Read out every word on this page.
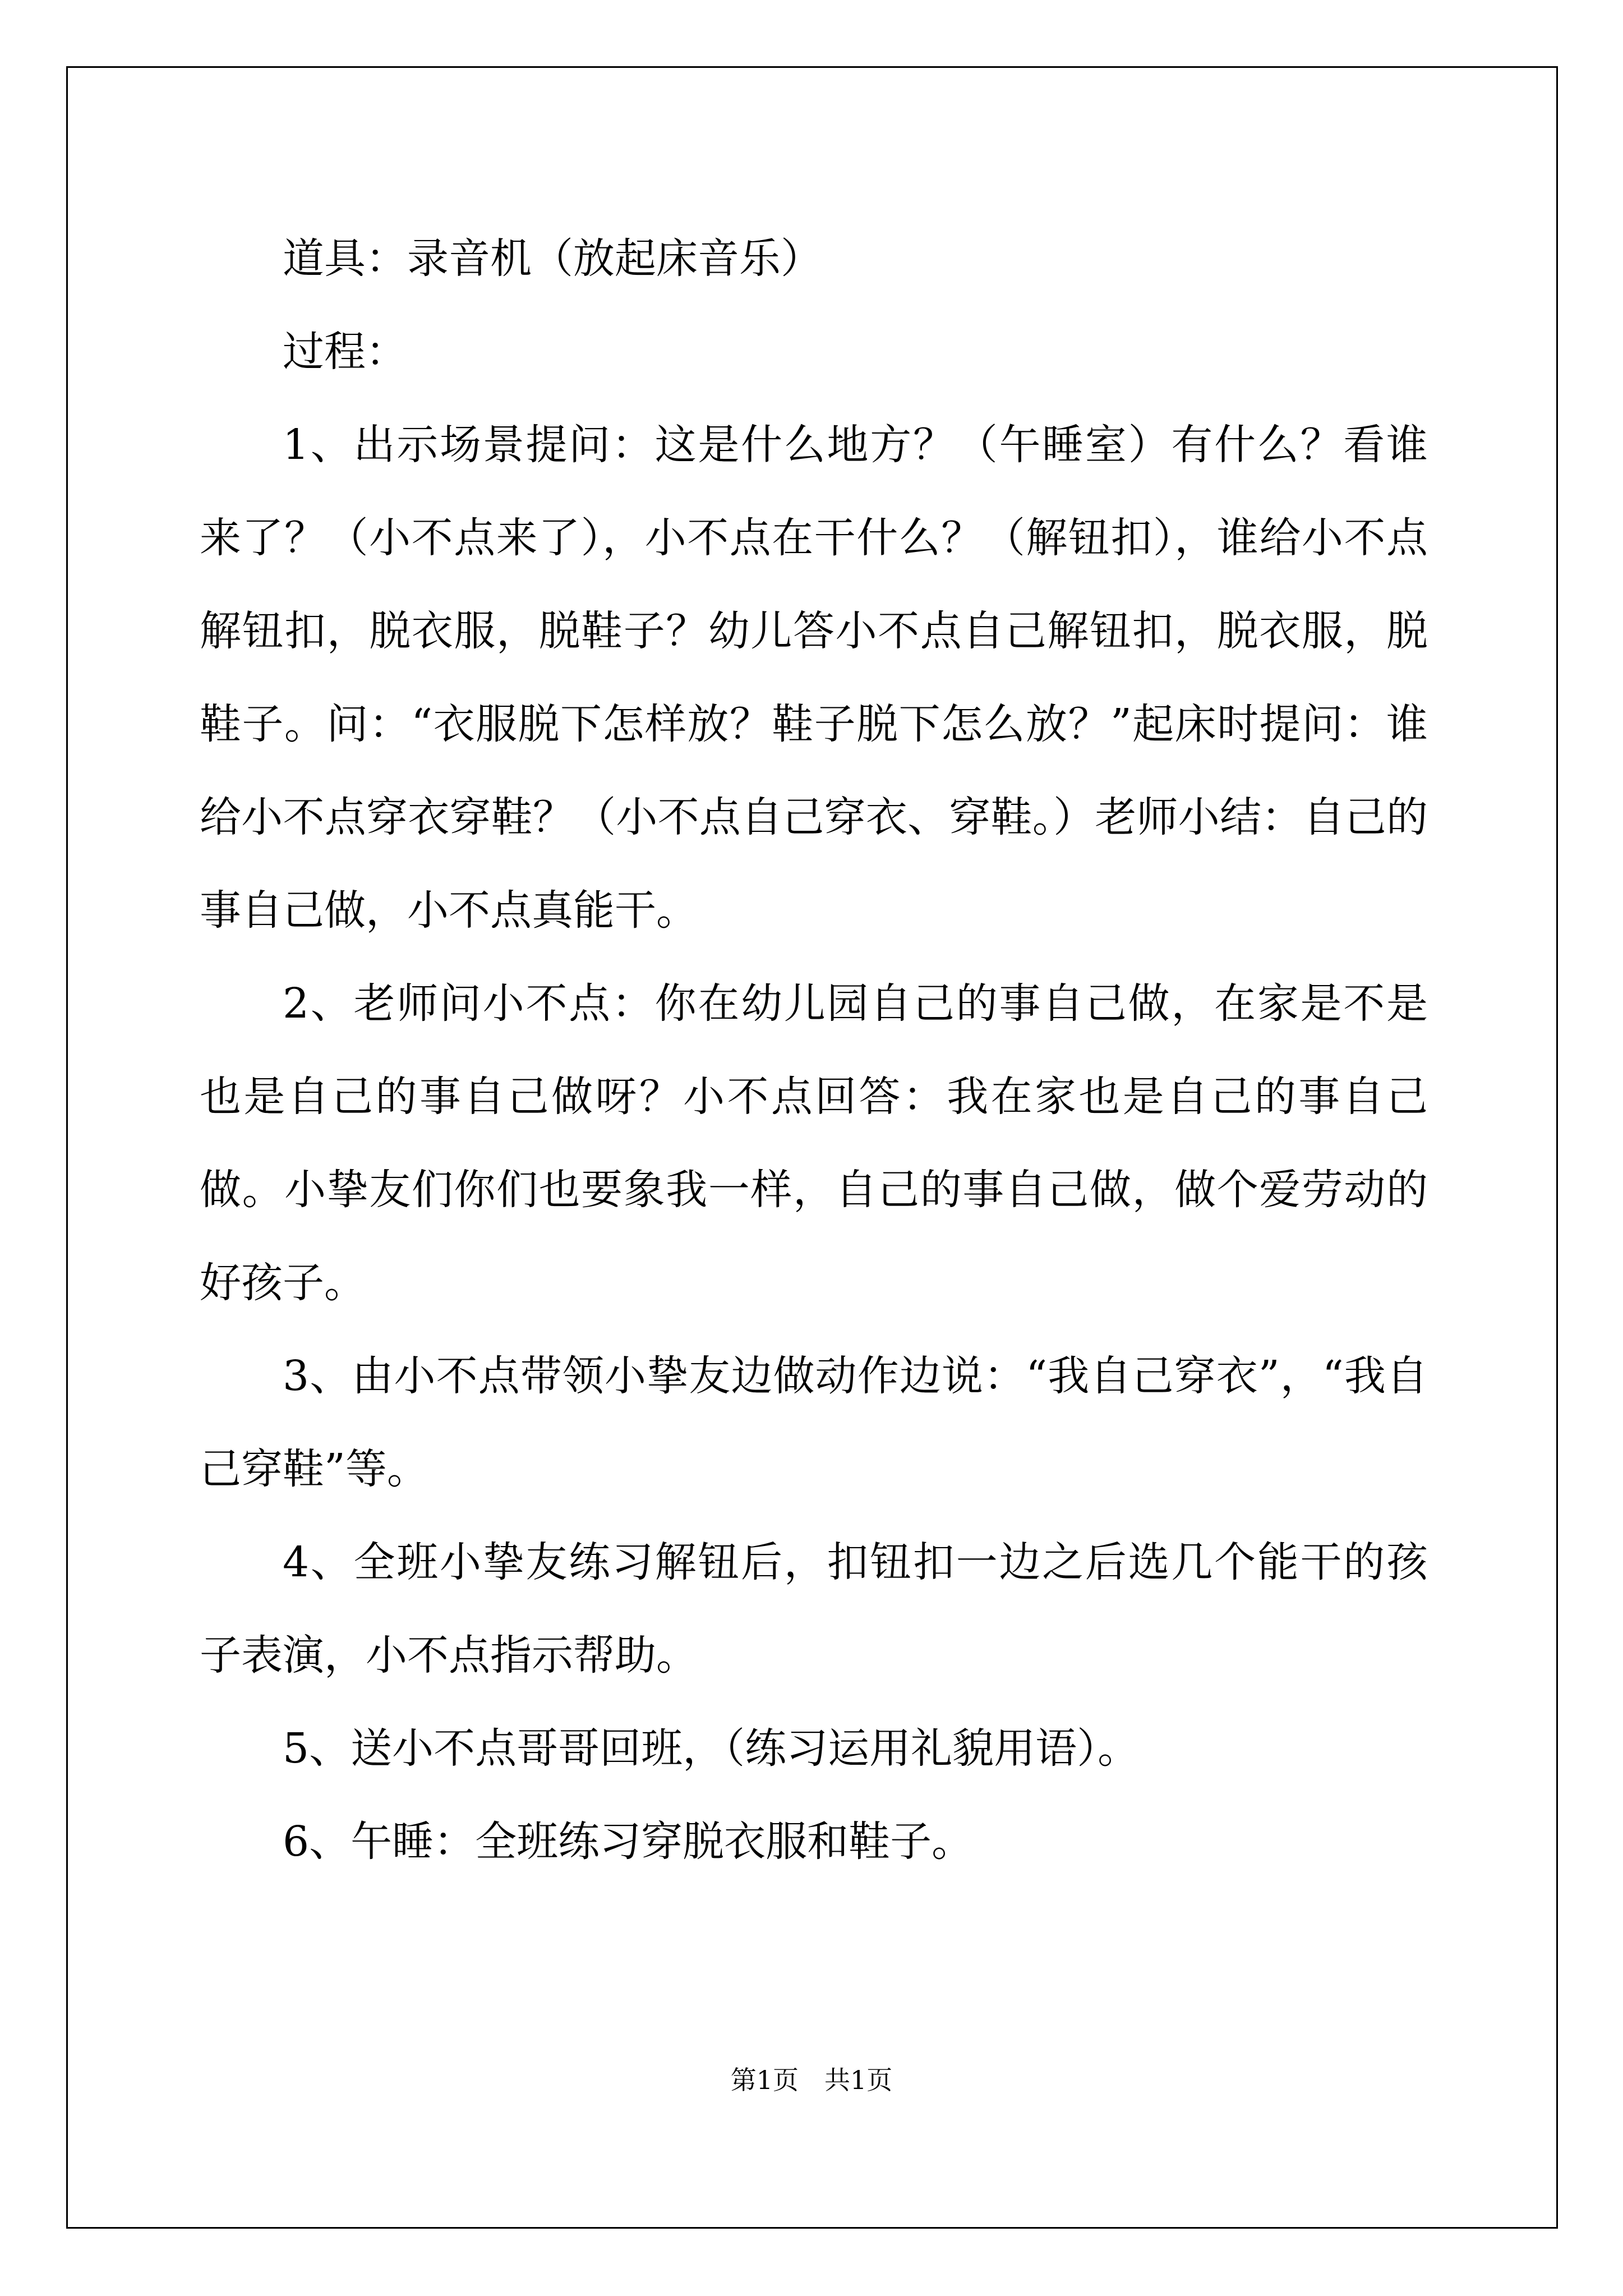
道具：录音机（放起床音乐）

过程：

1、出示场景提问：这是什么地方？（午睡室）有什么？看谁来了？（小不点来了），小不点在干什么？（解钮扣），谁给小不点解钮扣，脱衣服，脱鞋子？幼儿答小不点自己解钮扣，脱衣服，脱鞋子。问：“衣服脱下怎样放？鞋子脱下怎么放？”起床时提问：谁给小不点穿衣穿鞋？（小不点自己穿衣、穿鞋。）老师小结：自己的事自己做，小不点真能干。

2、老师问小不点：你在幼儿园自己的事自己做，在家是不是也是自己的事自己做呀？小不点回答：我在家也是自己的事自己做。小挚友们你们也要象我一样，自己的事自己做，做个爱劳动的好孩子。

3、由小不点带领小挚友边做动作边说：“我自己穿衣”，“我自己穿鞋”等。

4、全班小挚友练习解钮后，扣钮扣一边之后选几个能干的孩子表演，小不点指示帮助。

5、送小不点哥哥回班，（练习运用礼貌用语）。

6、午睡：全班练习穿脱衣服和鞋子。

第1页 共1页
